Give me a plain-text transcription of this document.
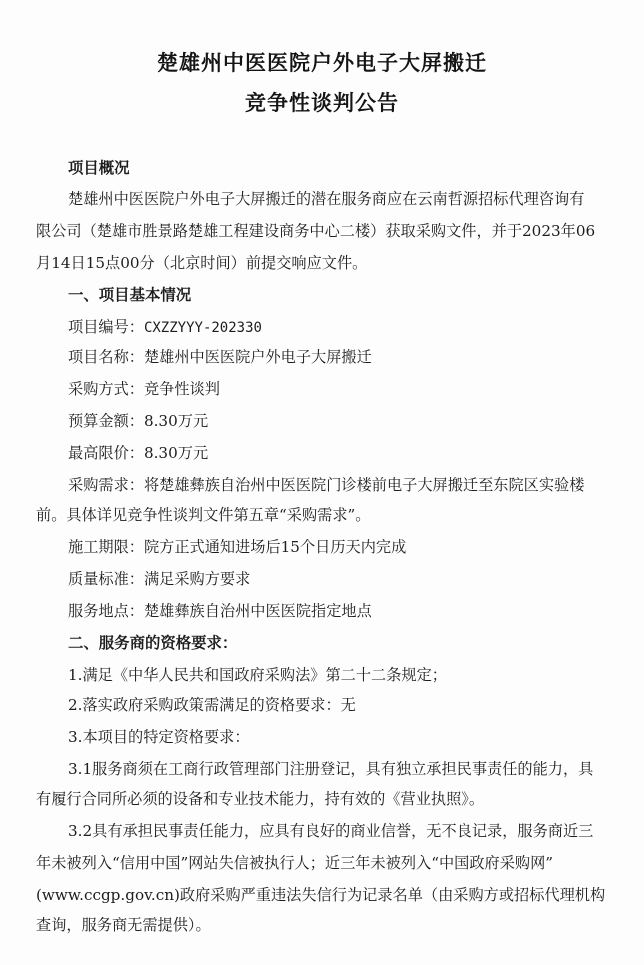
楚雄州中医医院户外电子大屏搬迁
竞争性谈判公告
项目概况
楚雄州中医医院户外电子大屏搬迁的潜在服务商应在云南哲源招标代理咨询有
限公司（楚雄市胜景路楚雄工程建设商务中心二楼）获取采购文件，并于2023年06
月14日15点00分（北京时间）前提交响应文件。
一、项目基本情况
项目编号：CXZZYYY-202330
项目名称：楚雄州中医医院户外电子大屏搬迁
采购方式：竞争性谈判
预算金额：8.30万元
最高限价：8.30万元
采购需求：将楚雄彝族自治州中医医院门诊楼前电子大屏搬迁至东院区实验楼
前。具体详见竞争性谈判文件第五章“采购需求”。
施工期限：院方正式通知进场后15个日历天内完成
质量标准：满足采购方要求
服务地点：楚雄彝族自治州中医医院指定地点
二、服务商的资格要求：
1.满足《中华人民共和国政府采购法》第二十二条规定；
2.落实政府采购政策需满足的资格要求：无
3.本项目的特定资格要求：
3.1服务商须在工商行政管理部门注册登记，具有独立承担民事责任的能力，具
有履行合同所必须的设备和专业技术能力，持有效的《营业执照》。
3.2具有承担民事责任能力，应具有良好的商业信誉，无不良记录，服务商近三
年未被列入“信用中国”网站失信被执行人；近三年未被列入“中国政府采购网”
(www.ccgp.gov.cn)政府采购严重违法失信行为记录名单（由采购方或招标代理机构
查询，服务商无需提供）。
